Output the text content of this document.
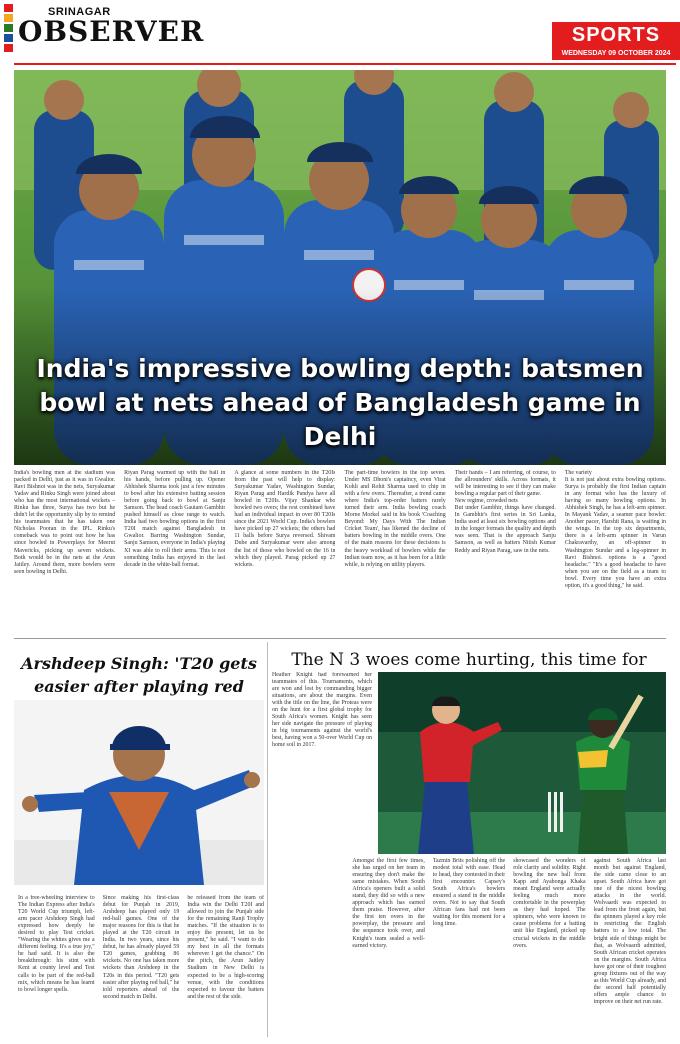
SRINAGAR
OBSERVER	SPORTS
WEDNESDAY 09 OCTOBER 2024
India's impressive bowling depth: batsmen bowl at nets ahead of Bangladesh game in Delhi
India's bowling men at the stadium was packed in Delhi, just as it was in Gwalior. Ravi Bishnoi was in the nets, Suryakumar Yadav and Rinku Singh were joined about who has the most international wickets – Rinku has three, Surya has two but he didn't let the opportunity slip by to remind his teammates that he has taken one Nicholas Pooran in the IPL. Rinku's comeback was to point out how he has since bowled in Powerplays for Meerut Mavericks, picking up seven wickets. Both would be in the nets at the Arun Jaitley. Around them, more bowlers were seen bowling in Delhi.
Riyan Parag warmed up with the ball in his hands, before pulling up. Opener Abhishek Sharma took just a few minutes to bowl after his extensive batting session before going back to bowl at Sanju Samson. The head coach Gautam Gambhir pushed himself as close range to watch. India had two bowling options in the first T20I match against Bangladesh in Gwalior. Barring Washington Sundar, Sanju Samson, everyone in India's playing XI was able to roll their arms. This is not something India has enjoyed in the last decade in the white-ball format.
A glance at some numbers in the T20Is from the past will help to display: Suryakumar Yadav, Washington Sundar, Riyan Parag and Hardik Pandya have all bowled in T20Is. Vijay Shankar who bowled two overs; the rest combined have had an individual impact in over 80 T20Is since the 2021 World Cup. India's bowlers have picked up 27 wickets; the others had 11 balls before Surya reversed. Shivam Dube and Suryakumar were also among the list of those who bowled on the 16 in which they played. Parag picked up 27 wickets.
The part-time bowlers in the top seven. Under MS Dhoni's captaincy, even Virat Kohli and Rohit Sharma used to chip in with a few overs. Thereafter, a trend came where India's top-order batters rarely turned their arm. India bowling coach Morne Morkel said in his book 'Coaching Beyond: My Days With The Indian Cricket Team', has likened the decline of batters bowling in the middle overs. One of the main reasons for these decisions is the heavy workload of bowlers while the Indian team now, as it has been for a little while, is relying on utility players.
Their hands – I am referring, of course, to the allrounders' skills. Across formats, it will be interesting to see if they can make bowling a regular part of their game.
New regime, crowded nets
But under Gambhir, things have changed. In Gambhir's first series in Sri Lanka, India used at least six bowling options and in the longer formats the quality and depth was seen. That is the approach Sanju Samson, as well as batters Nitish Kumar Reddy and Riyan Parag, saw in the nets.
The variety
It is not just about extra bowling options. Surya is probably the first Indian captain in any format who has the luxury of having so many bowling options. In Abhishek Singh, he has a left-arm spinner. In Mayank Yadav, a seamer pace bowler. Another pacer, Harshit Rana, is waiting in the wings. In the top six departments, there is a left-arm spinner in Varun Chakravarthy, an off-spinner in Washington Sundar and a leg-spinner in Ravi Bishnoi. options is a "good headache." "It's a good headache to have when you are on the field as a team to bowl. Every time you have an extra option, it's a good thing," he said.
Arshdeep Singh: 'T20 gets easier after playing red
In a free-wheeling interview to The Indian Express after India's T20 World Cup triumph, left-arm pacer Arshdeep Singh had expressed how deeply he desired to play Test cricket. "Wearing the whites gives me a different feeling. It's a true joy," he had said. It is also the breakthrough: his stint with Kent at county level and Test calls to be part of the red-ball mix, which means he has learnt to bowl longer spells.
Since making his first-class debut for Punjab in 2019, Arshdeep has played only 19 red-ball games. One of the major reasons for this is that he played at the T20 circuit in India. In two years, since his debut, he has already played 59 T20 games, grabbing 86 wickets. No one has taken more wickets than Arshdeep in the T20s in this period. "T20 gets easier after playing red ball," he told reporters ahead of the second match in Delhi.
be released from the team of India win the Delhi T20I and allowed to join the Punjab side for the remaining Ranji Trophy matches. "If the situation is to enjoy the present, let us be present," he said. "I want to do my best in all the formats wherever I get the chance." On the pitch, the Arun Jaitley Stadium in New Delhi is expected to be a high-scoring venue, with the conditions expected to favour the batters and the rest of the side.
The N 3 woes come hurting, this time for
Heather Knight had forewarned her teammates of this. Tournaments, which are won and lost by commanding bigger situations, are about the margins. Even with the title on the line, the Proteas were on the hunt for a first global trophy for South Africa's women. Knight has seen her side navigate the pressure of playing in big tournaments against the world's best, having won a 50-over World Cup on home soil in 2017.
Amongst the first few times, she has urged on her team in ensuring they don't make the same mistakes. When South Africa's openers built a solid stand, they did so with a new approach which has earned them praise. However, after the first ten overs in the powerplay, the pressure and the sequence took over, and Knight's team sealed a well-earned victory.
Tazmin Brits polishing off the modest total with ease. Head to head, they contested in their first encounter. Capsey's South Africa's bowlers ensured a stand in the middle overs. Not to say that South African fans had not been waiting for this moment for a long time.
showcased the wonders of role clarity and solidity. Right bowling the new ball from Kapp and Ayabonga Khaka meant England were actually feeling much more comfortable in the powerplay as they had hoped. The spinners, who were known to cause problems for a batting unit like England, picked up crucial wickets in the middle overs.
against South Africa last month but against England, the side came close to an upset. South Africa have got one of the nicest bowling attacks in the world. Wolvaardt was expected to lead from the front again, but the spinners played a key role in restricting the English batters to a low total. The bright side of things might be that, as Wolvaardt admitted, South African cricket operates on the margins. South Africa have got one of their toughest group fixtures out of the way as this World Cup already, and the second half potentially offers ample chance to improve on their net run rate.
